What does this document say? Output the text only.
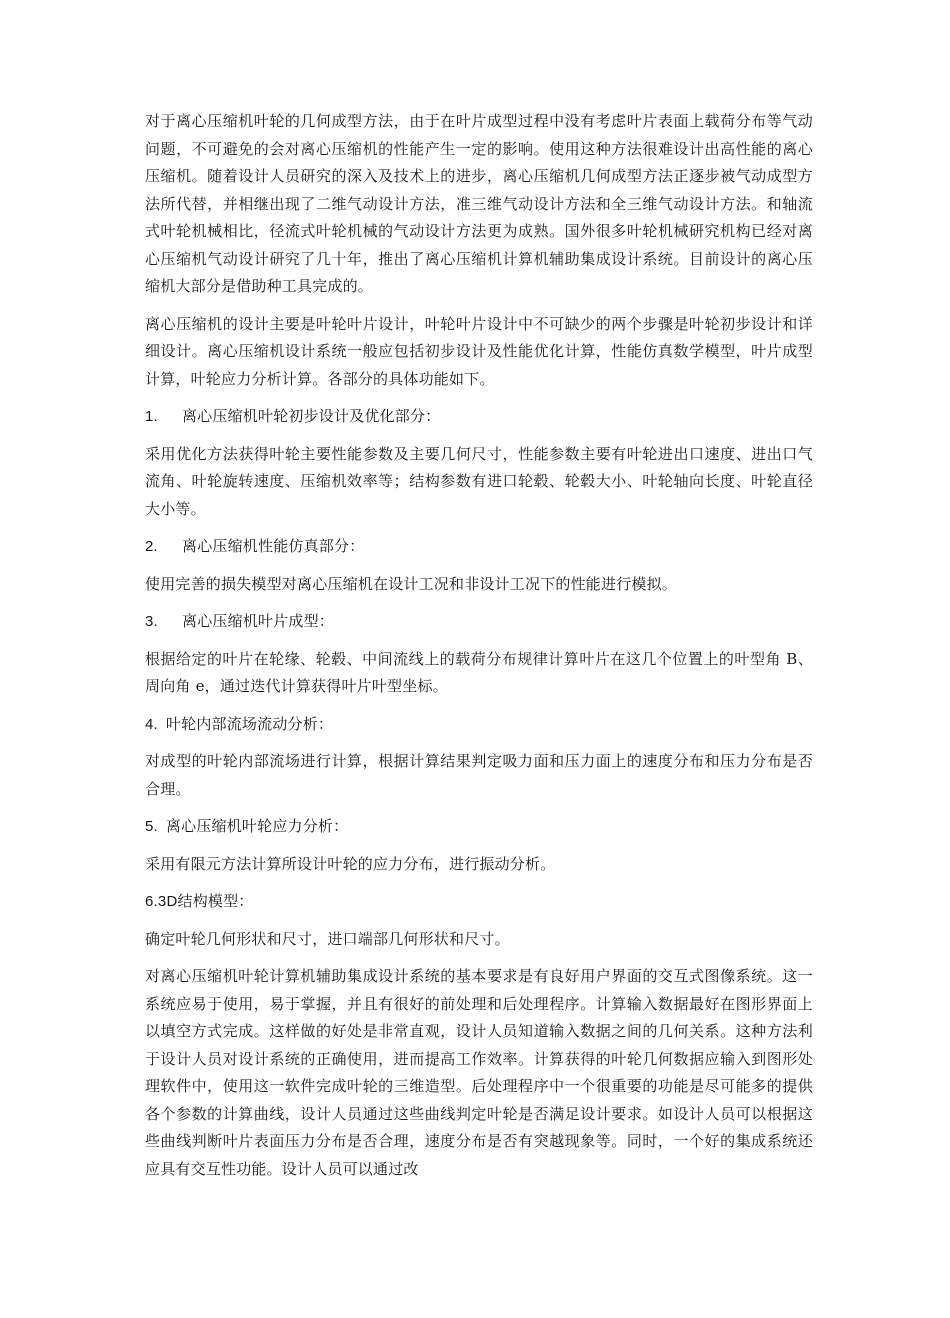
对于离心压缩机叶轮的几何成型方法，由于在叶片成型过程中没有考虑叶片表面上载荷分布等气动问题，不可避免的会对离心压缩机的性能产生一定的影响。使用这种方法很难设计出高性能的离心压缩机。随着设计人员研究的深入及技术上的进步，离心压缩机几何成型方法正逐步被气动成型方法所代替，并相继出现了二维气动设计方法，准三维气动设计方法和全三维气动设计方法。和轴流式叶轮机械相比，径流式叶轮机械的气动设计方法更为成熟。国外很多叶轮机械研究机构已经对离心压缩机气动设计研究了几十年，推出了离心压缩机计算机辅助集成设计系统。目前设计的离心压缩机大部分是借助种工具完成的。

离心压缩机的设计主要是叶轮叶片设计，叶轮叶片设计中不可缺少的两个步骤是叶轮初步设计和详细设计。离心压缩机设计系统一般应包括初步设计及性能优化计算，性能仿真数学模型，叶片成型计算，叶轮应力分析计算。各部分的具体功能如下。

1. 离心压缩机叶轮初步设计及优化部分：

采用优化方法获得叶轮主要性能参数及主要几何尺寸，性能参数主要有叶轮进出口速度、进出口气流角、叶轮旋转速度、压缩机效率等；结构参数有进口轮毂、轮毂大小、叶轮轴向长度、叶轮直径大小等。

2. 离心压缩机性能仿真部分：

使用完善的损失模型对离心压缩机在设计工况和非设计工况下的性能进行模拟。

3. 离心压缩机叶片成型：

根据给定的叶片在轮缘、轮毂、中间流线上的载荷分布规律计算叶片在这几个位置上的叶型角 B、周向角 e，通过迭代计算获得叶片叶型坐标。

4. 叶轮内部流场流动分析：

对成型的叶轮内部流场进行计算，根据计算结果判定吸力面和压力面上的速度分布和压力分布是否合理。

5. 离心压缩机叶轮应力分析：

采用有限元方法计算所设计叶轮的应力分布，进行振动分析。

6.3D结构模型：

确定叶轮几何形状和尺寸，进口端部几何形状和尺寸。

对离心压缩机叶轮计算机辅助集成设计系统的基本要求是有良好用户界面的交互式图像系统。这一系统应易于使用，易于掌握，并且有很好的前处理和后处理程序。计算输入数据最好在图形界面上以填空方式完成。这样做的好处是非常直观，设计人员知道输入数据之间的几何关系。这种方法利于设计人员对设计系统的正确使用，进而提高工作效率。计算获得的叶轮几何数据应输入到图形处理软件中，使用这一软件完成叶轮的三维造型。后处理程序中一个很重要的功能是尽可能多的提供各个参数的计算曲线，设计人员通过这些曲线判定叶轮是否满足设计要求。如设计人员可以根据这些曲线判断叶片表面压力分布是否合理，速度分布是否有突越现象等。同时，一个好的集成系统还应具有交互性功能。设计人员可以通过改
